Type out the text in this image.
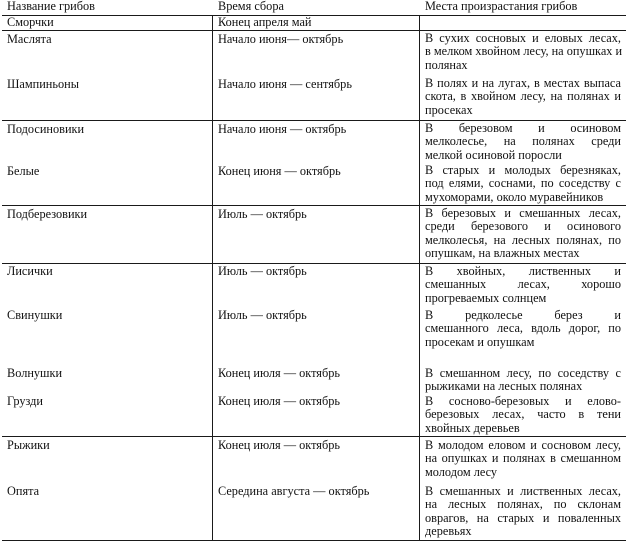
Название грибов	Время сбора	Места произрастания грибов
Сморчки	Конец апреля май
Маслята	Начало июня— октябрь	В сухих сосновых и еловых лесах,
в мелком хвойном лесу, на опушках и
полянах
Шампиньоны	Начало июня — сентябрь	В полях и на лугах, в местах выпаса
скота, в хвойном лесу, на полянах и
просеках
Подосиновики	Начало июня — октябрь	В березовом и осиновом
мелколесье, на полянах среди
мелкой осиновой поросли
Белые	Конец июня — октябрь	В старых и молодых березняках,
под елями, соснами, по соседству с
мухоморами, около муравейников
Подберезовики	Июль — октябрь	В березовых и смешанных лесах,
среди березового и осинового
мелколесья, на лесных полянах, по
опушкам, на влажных местах
Лисички	Июль — октябрь	В хвойных, лиственных и
смешанных лесах, хорошо
прогреваемых солнцем
Свинушки	Июль — октябрь	В редколесье берез и
смешанного леса, вдоль дорог, по
просекам и опушкам
Волнушки	Конец июля — октябрь	В смешанном лесу, по соседству с
рыжиками на лесных полянах
Грузди	Конец июля — октябрь	В сосново-березовых и елово-
березовых лесах, часто в тени
хвойных деревьев
Рыжики	Конец июля — октябрь	В молодом еловом и сосновом лесу,
на опушках и полянах в смешанном
молодом лесу
Опята	Середина августа — октябрь	В смешанных и лиственных лесах,
на лесных полянах, по склонам
оврагов, на старых и поваленных
деревьях
